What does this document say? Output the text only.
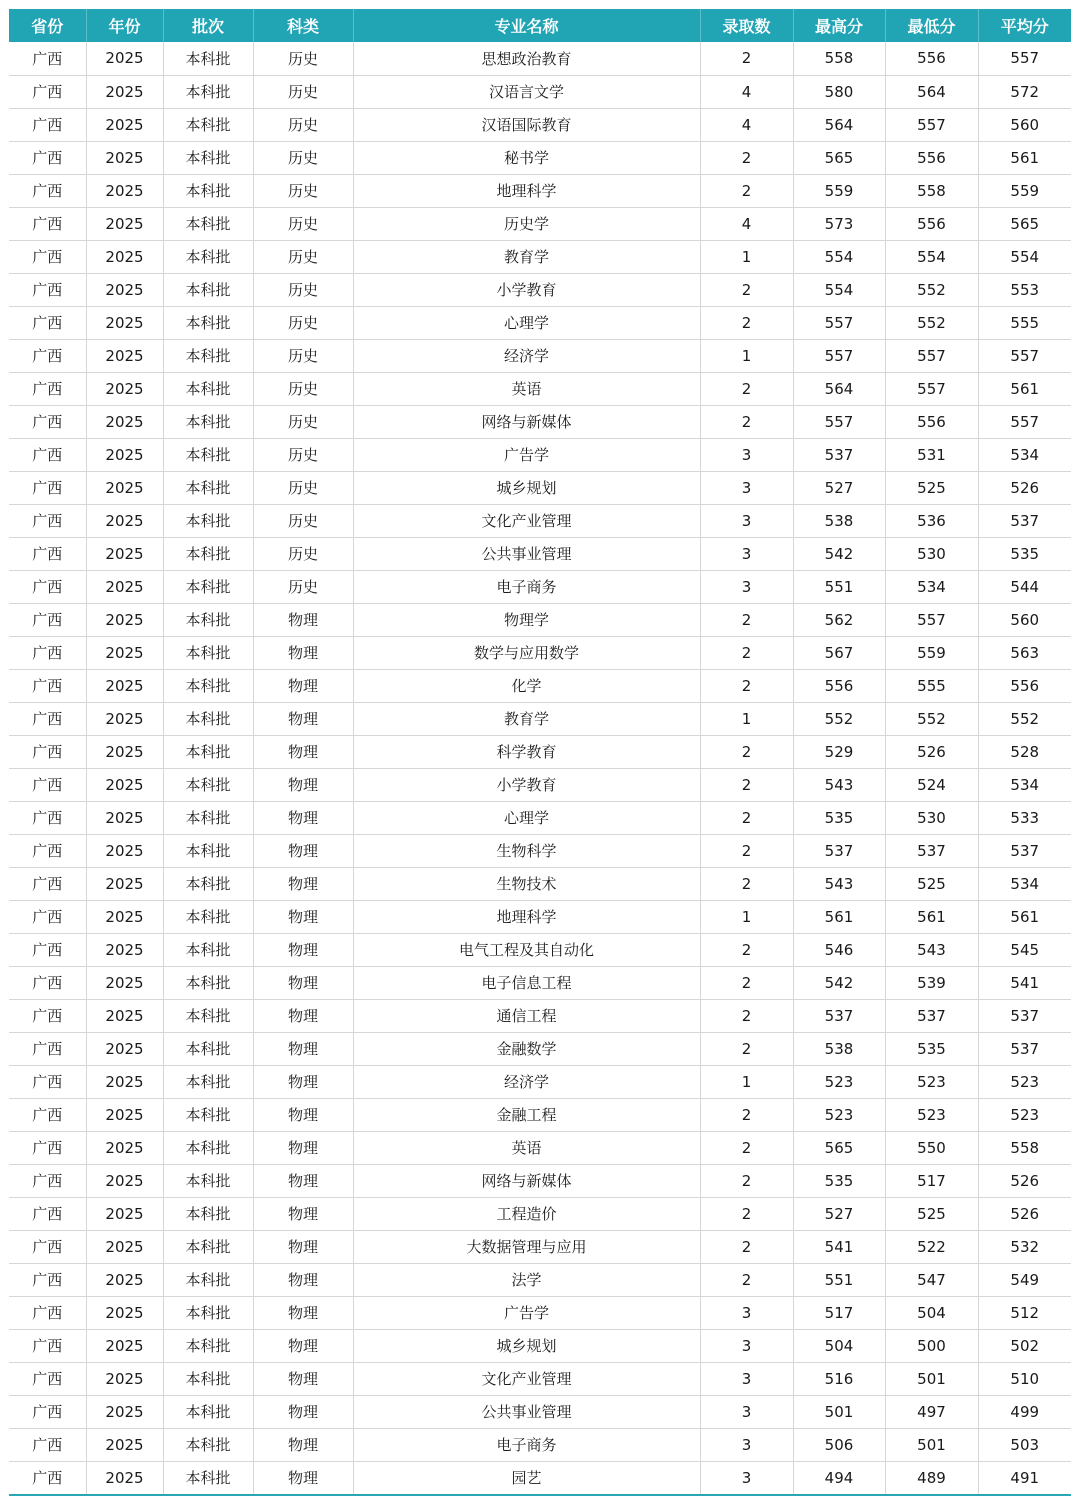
省份	年份	批次	科类	专业名称	录取数	最高分	最低分	平均分
广西	2025	本科批	历史	思想政治教育	2	558	556	557
广西	2025	本科批	历史	汉语言文学	4	580	564	572
广西	2025	本科批	历史	汉语国际教育	4	564	557	560
广西	2025	本科批	历史	秘书学	2	565	556	561
广西	2025	本科批	历史	地理科学	2	559	558	559
广西	2025	本科批	历史	历史学	4	573	556	565
广西	2025	本科批	历史	教育学	1	554	554	554
广西	2025	本科批	历史	小学教育	2	554	552	553
广西	2025	本科批	历史	心理学	2	557	552	555
广西	2025	本科批	历史	经济学	1	557	557	557
广西	2025	本科批	历史	英语	2	564	557	561
广西	2025	本科批	历史	网络与新媒体	2	557	556	557
广西	2025	本科批	历史	广告学	3	537	531	534
广西	2025	本科批	历史	城乡规划	3	527	525	526
广西	2025	本科批	历史	文化产业管理	3	538	536	537
广西	2025	本科批	历史	公共事业管理	3	542	530	535
广西	2025	本科批	历史	电子商务	3	551	534	544
广西	2025	本科批	物理	物理学	2	562	557	560
广西	2025	本科批	物理	数学与应用数学	2	567	559	563
广西	2025	本科批	物理	化学	2	556	555	556
广西	2025	本科批	物理	教育学	1	552	552	552
广西	2025	本科批	物理	科学教育	2	529	526	528
广西	2025	本科批	物理	小学教育	2	543	524	534
广西	2025	本科批	物理	心理学	2	535	530	533
广西	2025	本科批	物理	生物科学	2	537	537	537
广西	2025	本科批	物理	生物技术	2	543	525	534
广西	2025	本科批	物理	地理科学	1	561	561	561
广西	2025	本科批	物理	电气工程及其自动化	2	546	543	545
广西	2025	本科批	物理	电子信息工程	2	542	539	541
广西	2025	本科批	物理	通信工程	2	537	537	537
广西	2025	本科批	物理	金融数学	2	538	535	537
广西	2025	本科批	物理	经济学	1	523	523	523
广西	2025	本科批	物理	金融工程	2	523	523	523
广西	2025	本科批	物理	英语	2	565	550	558
广西	2025	本科批	物理	网络与新媒体	2	535	517	526
广西	2025	本科批	物理	工程造价	2	527	525	526
广西	2025	本科批	物理	大数据管理与应用	2	541	522	532
广西	2025	本科批	物理	法学	2	551	547	549
广西	2025	本科批	物理	广告学	3	517	504	512
广西	2025	本科批	物理	城乡规划	3	504	500	502
广西	2025	本科批	物理	文化产业管理	3	516	501	510
广西	2025	本科批	物理	公共事业管理	3	501	497	499
广西	2025	本科批	物理	电子商务	3	506	501	503
广西	2025	本科批	物理	园艺	3	494	489	491
